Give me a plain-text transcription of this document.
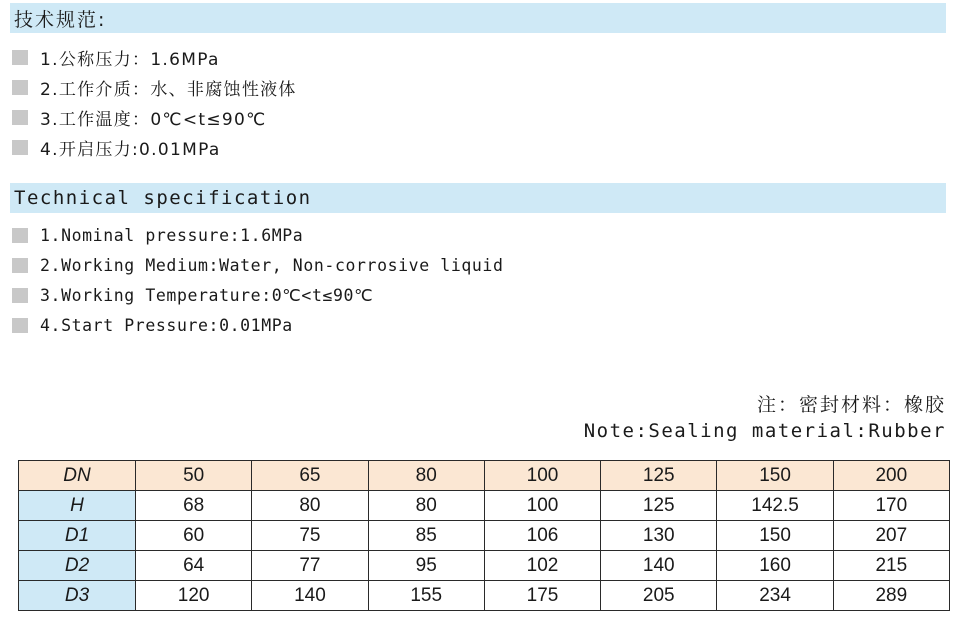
技术规范:
1.公称压力：1.6MPa
2.工作介质：水、非腐蚀性液体
3.工作温度：0℃<t≤90℃
4.开启压力:0.01MPa
Technical specification
1.Nominal pressure:1.6MPa
2.Working Medium:Water, Non-corrosive liquid
3.Working Temperature:0℃<t≤90℃
4.Start Pressure:0.01MPa
注：密封材料：橡胶
Note:Sealing material:Rubber
DN	50	65	80	100	125	150	200
H	68	80	80	100	125	142.5	170
D1	60	75	85	106	130	150	207
D2	64	77	95	102	140	160	215
D3	120	140	155	175	205	234	289
